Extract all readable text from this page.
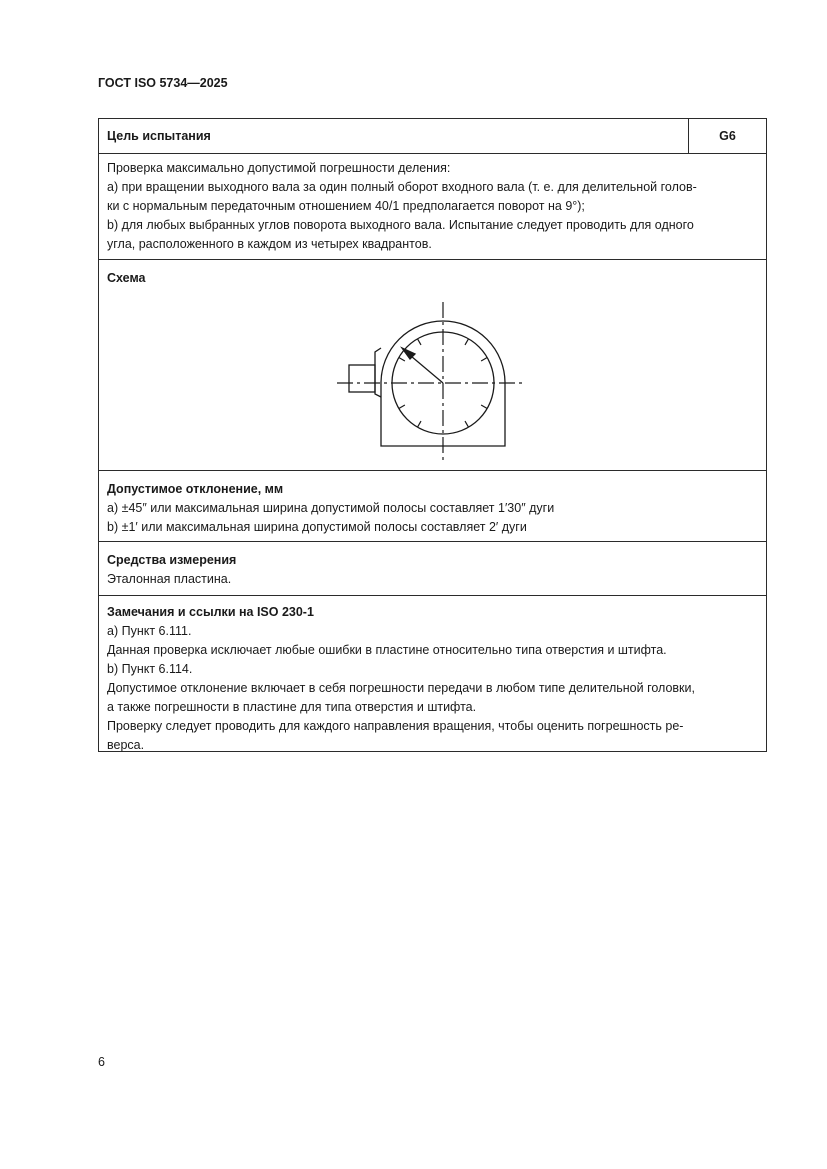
ГОСТ ISO 5734—2025
Цель испытания	G6
Проверка максимально допустимой погрешности деления:
a) при вращении выходного вала за один полный оборот входного вала (т. е. для делительной голов-
ки с нормальным передаточным отношением 40/1 предполагается поворот на 9°);
b) для любых выбранных углов поворота выходного вала. Испытание следует проводить для одного
угла, расположенного в каждом из четырех квадрантов.
Схема
Допустимое отклонение, мм
a) ±45″ или максимальная ширина допустимой полосы составляет 1′30″ дуги
b) ±1′ или максимальная ширина допустимой полосы составляет 2′ дуги
Средства измерения
Эталонная пластина.
Замечания и ссылки на ISO 230-1
a) Пункт 6.111.
Данная проверка исключает любые ошибки в пластине относительно типа отверстия и штифта.
b) Пункт 6.114.
Допустимое отклонение включает в себя погрешности передачи в любом типе делительной головки,
а также погрешности в пластине для типа отверстия и штифта.
Проверку следует проводить для каждого направления вращения, чтобы оценить погрешность ре-
верса.
6
